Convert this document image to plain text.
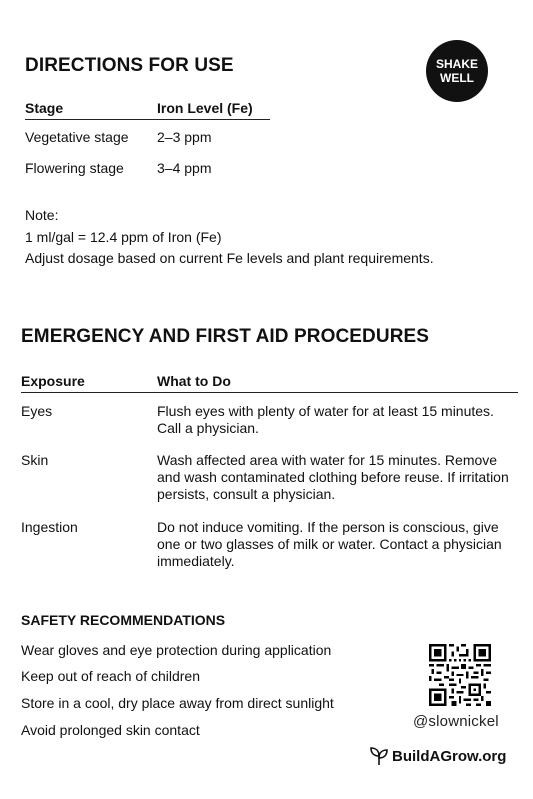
DIRECTIONS FOR USE	SHAKE
WELL
Stage	Iron Level (Fe)
Vegetative stage 2–3 ppm
Flowering stage 3–4 ppm
Note:
1 ml/gal = 12.4 ppm of Iron (Fe)
Adjust dosage based on current Fe levels and plant requirements.
EMERGENCY AND FIRST AID PROCEDURES
Exposure	What to Do
Eyes	Flush eyes with plenty of water for at least 15 minutes.
Call a physician.
Skin	Wash affected area with water for 15 minutes. Remove
and wash contaminated clothing before reuse. If irritation
persists, consult a physician.
Ingestion	Do not induce vomiting. If the person is conscious, give
one or two glasses of milk or water. Contact a physician
immediately.
SAFETY RECOMMENDATIONS
Wear gloves and eye protection during application
Keep out of reach of children
Store in a cool, dry place away from direct sunlight
Avoid prolonged skin contact	@slownickel
BuildAGrow.org
